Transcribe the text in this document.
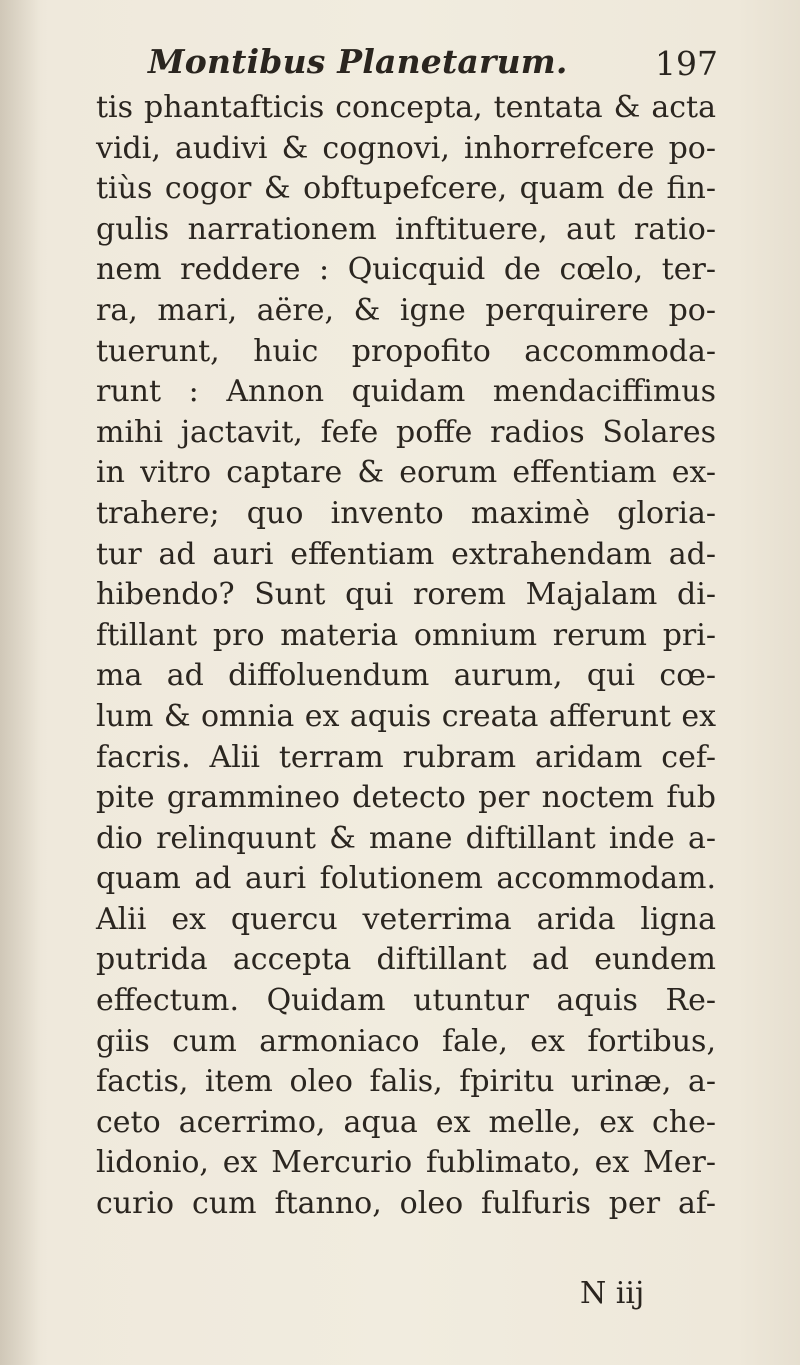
Montibus Planetarum.	197
tis phantafticis concepta, tentata & acta
vidi, audivi & cognovi, inhorrefcere po-
tiùs cogor & obftupefcere, quam de fin-
gulis narrationem inftituere, aut ratio-
nem reddere : Quicquid de cœlo, ter-
ra, mari, aëre, & igne perquirere po-
tuerunt, huic propofito accommoda-
runt : Annon quidam mendaciffimus
mihi jactavit, fefe poffe radios Solares
in vitro captare & eorum effentiam ex-
trahere; quo invento maximè gloria-
tur ad auri effentiam extrahendam ad-
hibendo? Sunt qui rorem Majalam di-
ftillant pro materia omnium rerum pri-
ma ad diffoluendum aurum, qui cœ-
lum & omnia ex aquis creata afferunt ex
facris. Alii terram rubram aridam cef-
pite grammineo detecto per noctem fub
dio relinquunt & mane diftillant inde a-
quam ad auri folutionem accommodam.
Alii ex quercu veterrima arida ligna
putrida accepta diftillant ad eundem
effectum. Quidam utuntur aquis Re-
giis cum armoniaco fale, ex fortibus,
factis, item oleo falis, fpiritu urinæ, a-
ceto acerrimo, aqua ex melle, ex che-
lidonio, ex Mercurio fublimato, ex Mer-
curio cum ftanno, oleo fulfuris per af-
N iij
